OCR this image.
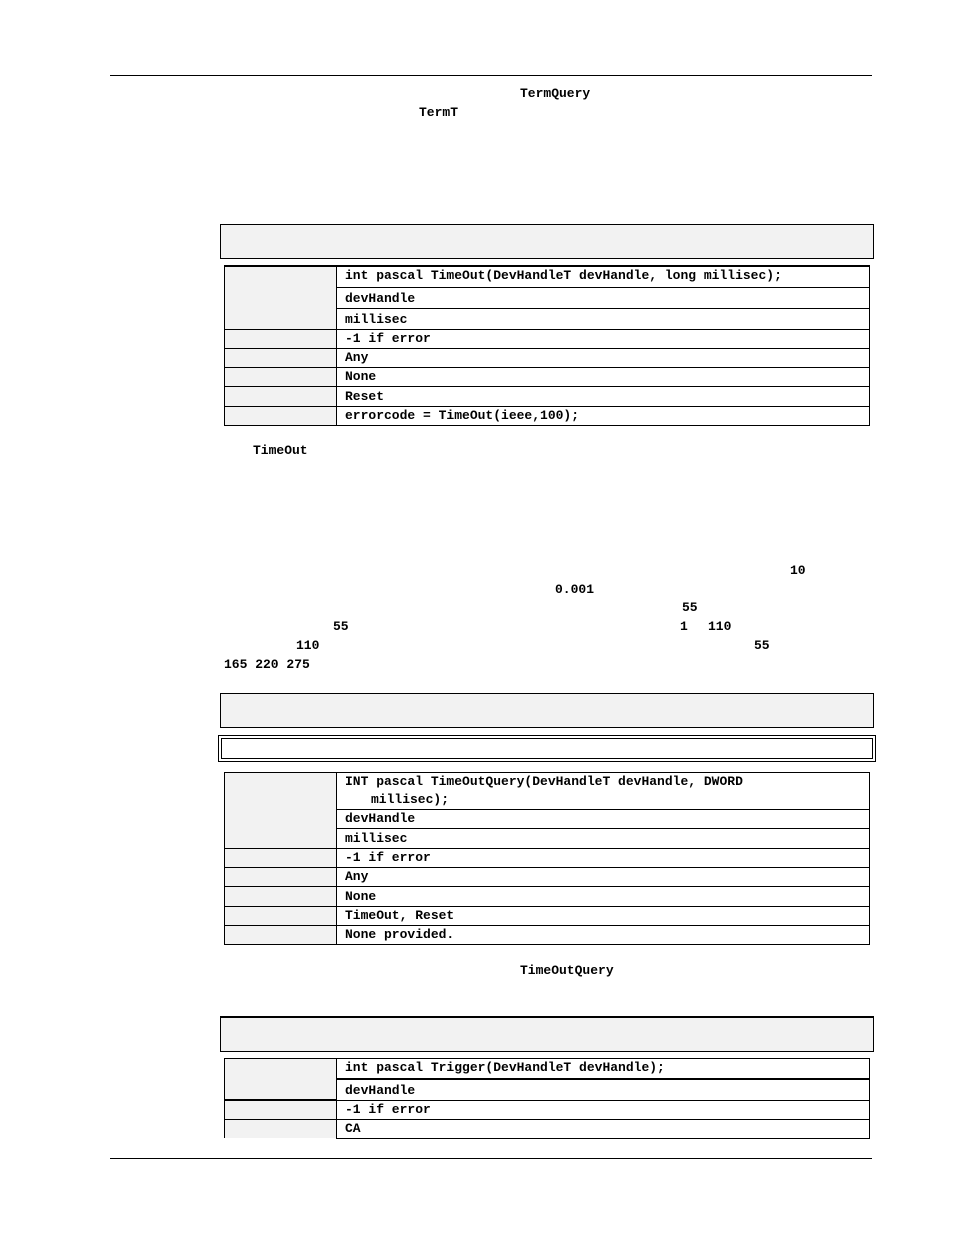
TermQuery
TermT
	int pascal TimeOut(DevHandleT devHandle, long millisec);
	devHandle
	millisec
	-1 if error
	Any
	None
	Reset
	errorcode = TimeOut(ieee,100);
TimeOut
10
0.001
55
55	1 110
110	55
165 220 275

	INT pascal TimeOutQuery(DevHandleT devHandle, DWORD
millisec);

	devHandle
	millisec
	-1 if error
	Any
	None
	TimeOut, Reset
	None provided.
TimeOutQuery
	int pascal Trigger(DevHandleT devHandle);
	devHandle
	-1 if error
	CA
